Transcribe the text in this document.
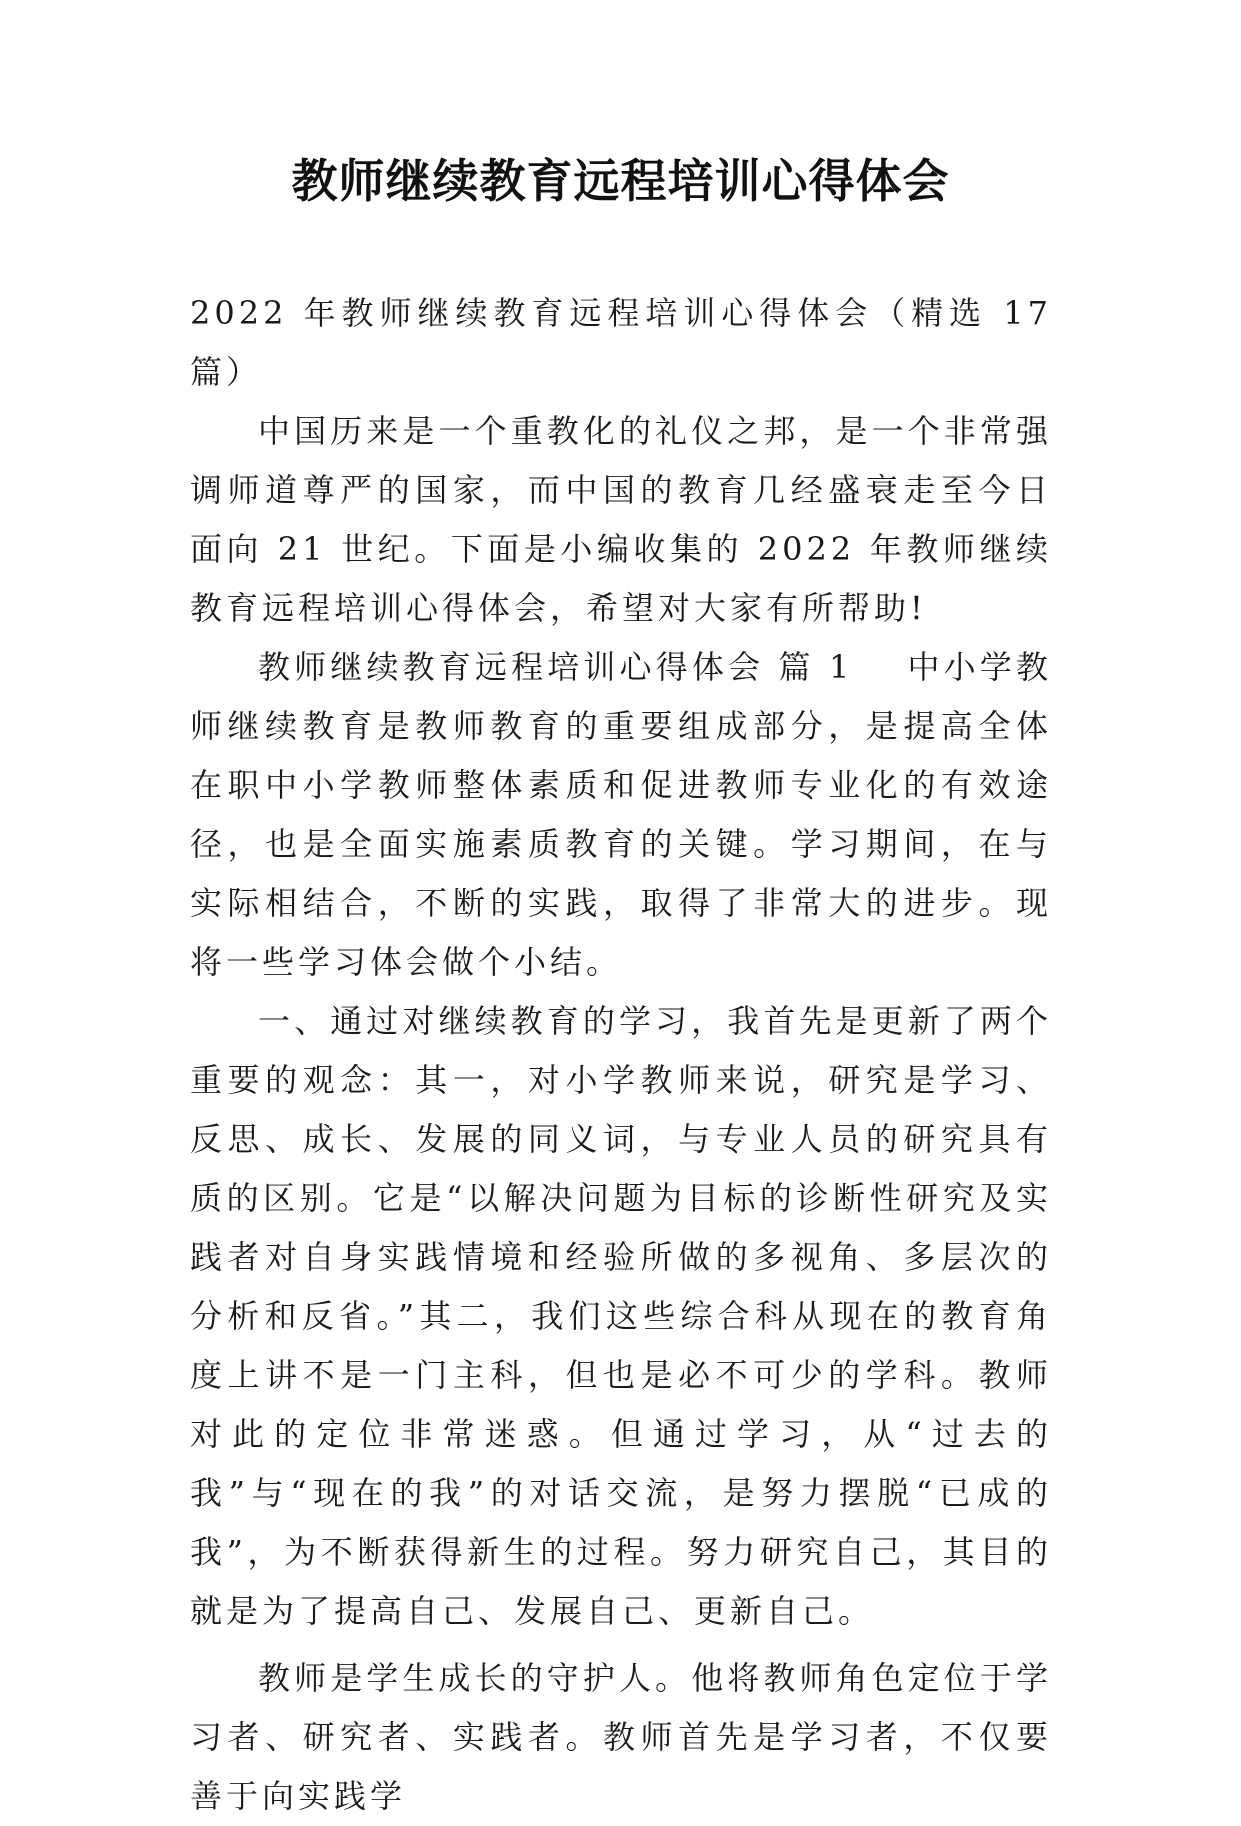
教师继续教育远程培训心得体会

2022 年教师继续教育远程培训心得体会（精选 17 篇）

中国历来是一个重教化的礼仪之邦，是一个非常强调师道尊严的国家，而中国的教育几经盛衰走至今日面向 21 世纪。下面是小编收集的 2022 年教师继续教育远程培训心得体会，希望对大家有所帮助!

教师继续教育远程培训心得体会 篇 1 中小学教师继续教育是教师教育的重要组成部分，是提高全体在职中小学教师整体素质和促进教师专业化的有效途径，也是全面实施素质教育的关键。学习期间，在与实际相结合，不断的实践，取得了非常大的进步。现将一些学习体会做个小结。

一、通过对继续教育的学习，我首先是更新了两个重要的观念：其一，对小学教师来说，研究是学习、反思、成长、发展的同义词，与专业人员的研究具有质的区别。它是“以解决问题为目标的诊断性研究及实践者对自身实践情境和经验所做的多视角、多层次的分析和反省。”其二，我们这些综合科从现在的教育角度上讲不是一门主科，但也是必不可少的学科。教师对此的定位非常迷惑。但通过学习，从“过去的我”与“现在的我”的对话交流，是努力摆脱“已成的我”，为不断获得新生的过程。努力研究自己，其目的就是为了提高自己、发展自己、更新自己。

教师是学生成长的守护人。他将教师角色定位于学习者、研究者、实践者。教师首先是学习者，不仅要善于向实践学
